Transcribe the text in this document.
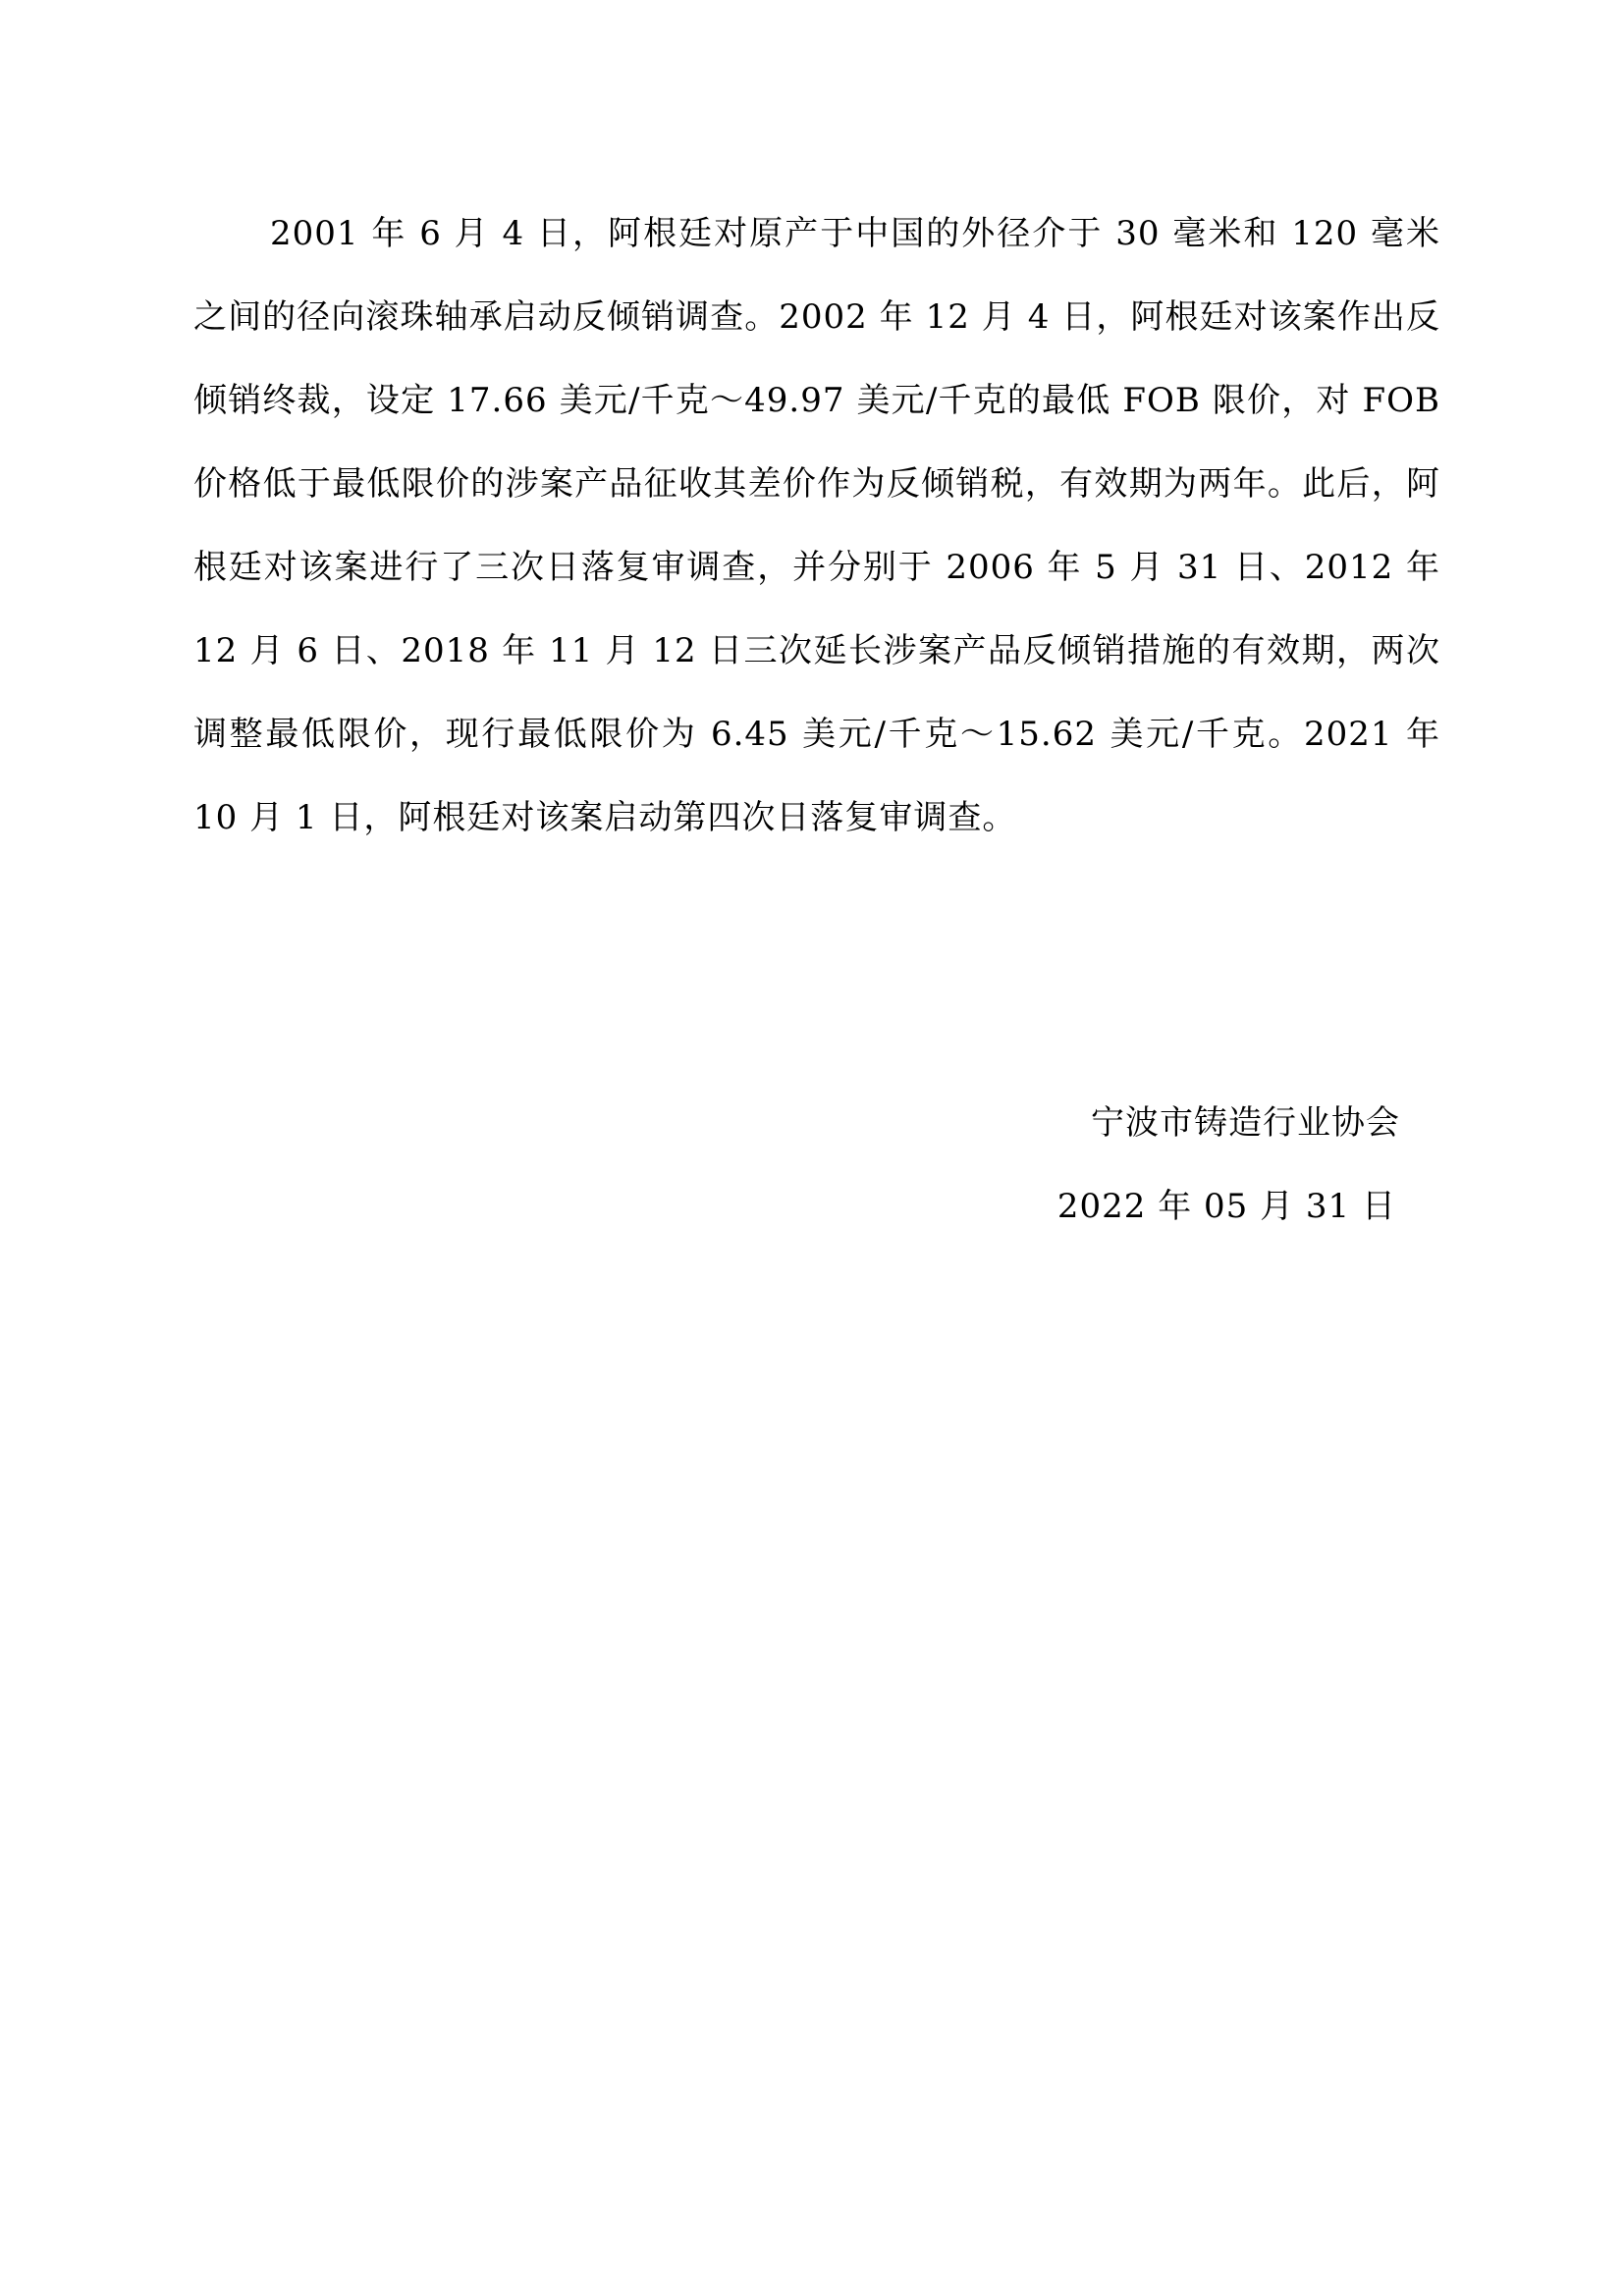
2001 年 6 月 4 日，阿根廷对原产于中国的外径介于 30 毫米和 120 毫米之间的径向滚珠轴承启动反倾销调查。2002 年 12 月 4 日，阿根廷对该案作出反倾销终裁，设定 17.66 美元/千克～49.97 美元/千克的最低 FOB 限价，对 FOB 价格低于最低限价的涉案产品征收其差价作为反倾销税，有效期为两年。此后，阿根廷对该案进行了三次日落复审调查，并分别于 2006 年 5 月 31 日、2012 年 12 月 6 日、2018 年 11 月 12 日三次延长涉案产品反倾销措施的有效期，两次调整最低限价，现行最低限价为 6.45 美元/千克～15.62 美元/千克。2021 年 10 月 1 日，阿根廷对该案启动第四次日落复审调查。

宁波市铸造行业协会
2022 年 05 月 31 日
